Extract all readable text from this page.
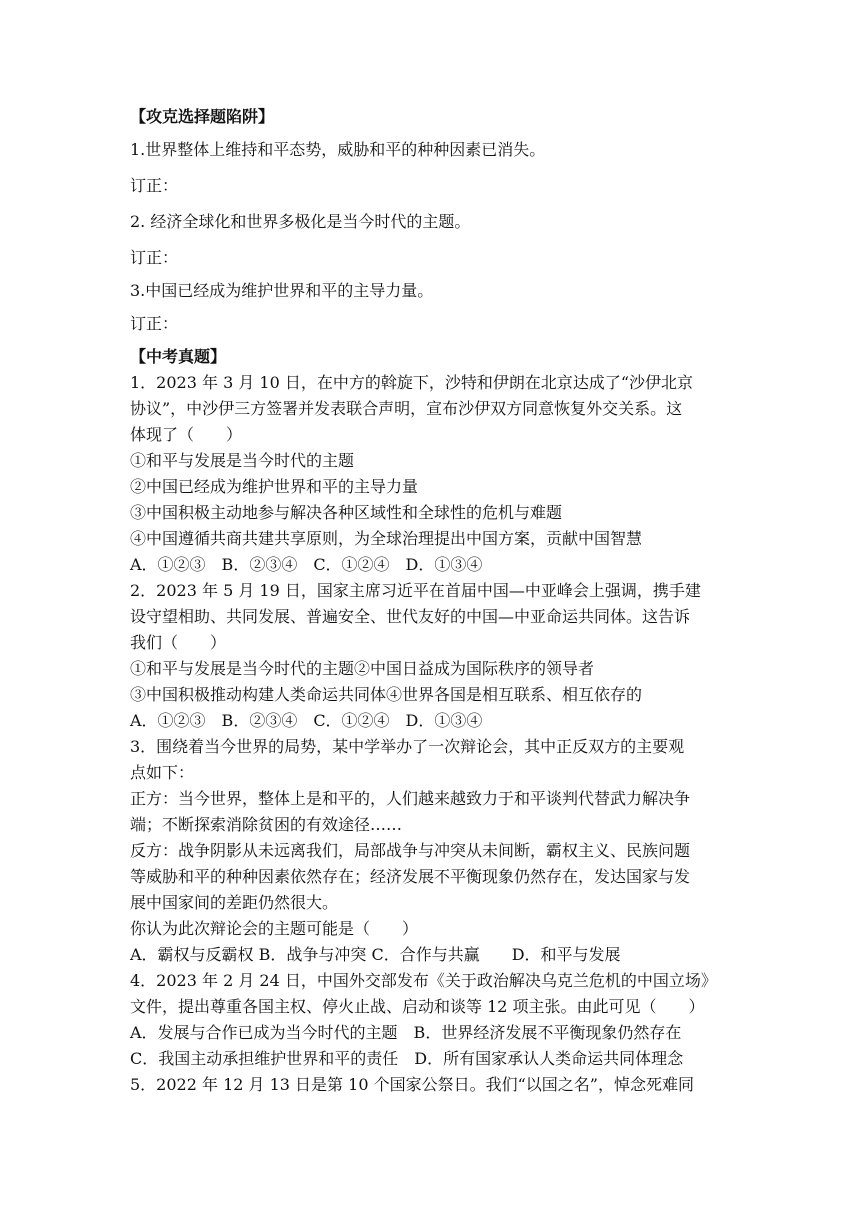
【攻克选择题陷阱】
1.世界整体上维持和平态势，威胁和平的种种因素已消失。
订正：
2. 经济全球化和世界多极化是当今时代的主题。
订正：
3.中国已经成为维护世界和平的主导力量。
订正：
【中考真题】
1．2023 年 3 月 10 日，在中方的斡旋下，沙特和伊朗在北京达成了“沙伊北京
协议”，中沙伊三方签署并发表联合声明，宣布沙伊双方同意恢复外交关系。这
体现了（　　）
①和平与发展是当今时代的主题
②中国已经成为维护世界和平的主导力量
③中国积极主动地参与解决各种区域性和全球性的危机与难题
④中国遵循共商共建共享原则，为全球治理提出中国方案，贡献中国智慧
A．①②③　B．②③④　C．①②④　D．①③④
2．2023 年 5 月 19 日，国家主席习近平在首届中国—中亚峰会上强调，携手建
设守望相助、共同发展、普遍安全、世代友好的中国—中亚命运共同体。这告诉
我们（　　）
①和平与发展是当今时代的主题②中国日益成为国际秩序的领导者
③中国积极推动构建人类命运共同体④世界各国是相互联系、相互依存的
A．①②③　B．②③④　C．①②④　D．①③④
3．围绕着当今世界的局势，某中学举办了一次辩论会，其中正反双方的主要观
点如下：
正方：当今世界，整体上是和平的，人们越来越致力于和平谈判代替武力解决争
端；不断探索消除贫困的有效途径……
反方：战争阴影从未远离我们，局部战争与冲突从未间断，霸权主义、民族问题
等威胁和平的种种因素依然存在；经济发展不平衡现象仍然存在，发达国家与发
展中国家间的差距仍然很大。
你认为此次辩论会的主题可能是（　　）
A．霸权与反霸权 B．战争与冲突 C．合作与共赢　　D．和平与发展
4．2023 年 2 月 24 日，中国外交部发布《关于政治解决乌克兰危机的中国立场》
文件，提出尊重各国主权、停火止战、启动和谈等 12 项主张。由此可见（　　）
A．发展与合作已成为当今时代的主题　B．世界经济发展不平衡现象仍然存在
C．我国主动承担维护世界和平的责任　D．所有国家承认人类命运共同体理念
5．2022 年 12 月 13 日是第 10 个国家公祭日。我们“以国之名”，悼念死难同
